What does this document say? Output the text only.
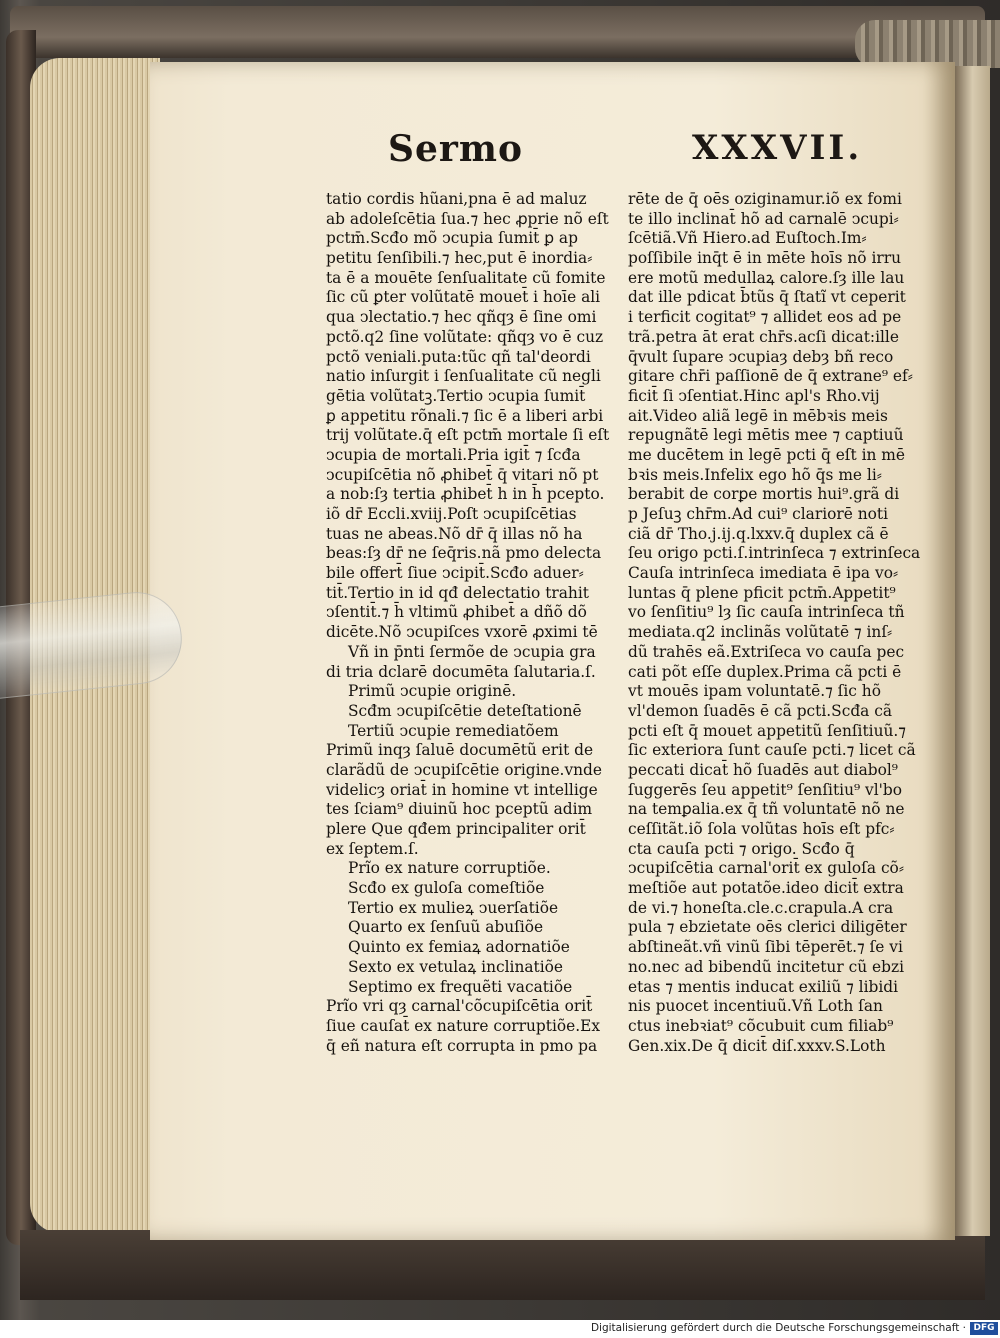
Sermo	XXXVII.
tatio cordis hũani,pna ē ad maluz
ab adoleſcētia ſua.⁊ hec ꝓprie nõ eſt
pctm̄.Scđo mõ ↄcupia ſumit̄ ꝑ ap
petitu ſenſibili.⁊ hec,put ē inordia⸗
ta ē a mouēte ſenſualitate cũ fomite
ſic cũ ꝑter volũtatē mouet̄ i hoīe ali
qua ↄlectatio.⁊ hec qñqȝ ē ſine omi
pctõ.q2 ſine volũtate: qñqȝ vo ē cuz
pctõ veniali.puta:tũc qñ tal'deordi
natio inſurgit i ſenſualitate cũ negli
gētia volũtatꝫ.Tertio ↄcupia ſumit̄
ꝑ appetitu rõnali.⁊ ſic ē a liberi arbi
trij volũtate.q̄ eſt pctm̄ mortale ſi eſt
ↄcupia de mortali.Pria igit̄ ⁊ ſcđa
ↄcupiſcētia nõ ꝓhibet̄ q̄ vitari nõ pt
a nob:ſȝ tertia ꝓhibet̄ h in h̄ pcepto.
iõ dr̄ Eccli.xviij.Poſt ↄcupiſcētias
tuas ne abeas.Nõ dr̄ q̄ illas nõ ha
beas:ſȝ dr̄ ne ſeq̄ris.nã pmo delecta
bile offert̄ ſiue ↄcipit̄.Scđo aduer⸗
tit̄.Tertio in id qđ delectatio trahit
ↄſentit̄.⁊ h̄ vltimũ ꝓhibet̄ a dñõ dõ
dicēte.Nõ ↄcupiſces vxorē ꝓximi tē
Vñ in p̄nti ſermõe de ↄcupia gra
di tria dclarē documēta ſalutaria.ſ.
Primũ ↄcupie originē.
Scđm ↄcupiſcētie deteſtationē
Tertiũ ↄcupie remediatõem
Primũ inqȝ ſaluē documētũ erit de
clarãdũ de ↄcupiſcētie origine.vnde
videlicȝ oriat̄ in homine vt intellige
tes ſciam⁹ diuinũ hoc pceptũ adim
plere Que qđem principaliter orit̄
ex ſeptem.ſ.
Prĩo ex nature corruptiõe.
Scđo ex guloſa comeſtiõe
Tertio ex mulieꝝ ↄuerſatiõe
Quarto ex ſenſuũ abuſiõe
Quinto ex femiaꝝ adornatiõe
Sexto ex vetulaꝝ inclinatiõe
Septimo ex frequẽti vacatiõe
Prĩo vri qȝ carnal'cõcupiſcētia orit̄
ſiue cauſat̄ ex nature corruptiõe.Ex
q̄ eñ natura eſt corrupta in pmo pa
rēte de q̄ oēs oziginamur.iõ ex fomi
te illo inclinat̄ hõ ad carnalē ↄcupi⸗
ſcētiã.Vñ Hiero.ad Euſtoch.Im⸗
poſſibile inq̄t ē in mēte hoīs nõ irru
ere motũ medullaꝝ calore.ſȝ ille lau
dat ille pdicat b̄tũs q̄ ſtatĩ vt ceperit
i terficit cogitat⁹ ⁊ allidet eos ad pe
trã.petra āt erat chr̄s.acſi dicat:ille
q̄vult ſupare ↄcupiaȝ debȝ bñ reco
gitare chr̄i paſſionē de q̄ extrane⁹ ef⸗
ficit̄ ſi ↄſentiat.Hinc apl's Rho.vij
ait.Video aliã legē in mēbꝛis meis
repugnãtē legi mētis mee ⁊ captiuũ
me ducētem in legē pcti q̄ eſt in mē
bꝛis meis.Infelix ego hõ q̄s me li⸗
berabit de corꝑe mortis hui⁹.grã di
p Jeſuꝫ chr̄m.Ad cui⁹ clariorē noti
ciã dr̄ Tho.j.ij.q.lxxv.q̄ duplex cã ē
ſeu origo pcti.ſ.intrinſeca ⁊ extrinſeca
Cauſa intrinſeca imediata ē ipa vo⸗
luntas q̄ plene pficit pctm̄.Appetit⁹
vo ſenſitiu⁹ lȝ ſic cauſa intrinſeca tñ
mediata.q2 inclinãs volũtatē ⁊ inſ⸗
dũ trahēs eã.Extriſeca vo cauſa pec
cati põt eſſe duplex.Prima cã pcti ē
vt mouēs ipam voluntatē.⁊ ſic hõ
vl'demon ſuadēs ē cã pcti.Scđa cã
pcti eſt q̄ mouet appetitũ ſenſitiuũ.⁊
ſic exteriora ſunt cauſe pcti.⁊ licet cã
peccati dicat̄ hõ ſuadēs aut diabol⁹
ſuggerēs ſeu appetit⁹ ſenſitiu⁹ vl'bo
na temꝑalia.ex q̄ tñ voluntatē nõ ne
ceſſitãt.iõ ſola volũtas hoīs eſt pfc⸗
cta cauſa pcti ⁊ origo. Scđo q̄
ↄcupiſcētia carnal'orit̄ ex guloſa cõ⸗
meſtiõe aut potatõe.ideo dicit̄ extra
de vi.⁊ honeſta.cle.c.crapula.A cra
pula ⁊ ebzietate oēs clerici diligēter
abſtineãt.vñ vinũ ſibi tēperēt.⁊ ſe vi
no.nec ad bibendũ incitetur cũ ebzi
etas ⁊ mentis inducat exiliũ ⁊ libidi
nis puocet incentiuũ.Vñ Loth ſan
ctus inebꝛiat⁹ cõcubuit cum filiab⁹
Gen.xix.De q̄ dicit̄ diſ.xxxv.S.Loth
Digitalisierung gefördert durch die Deutsche Forschungsgemeinschaft · DFG
